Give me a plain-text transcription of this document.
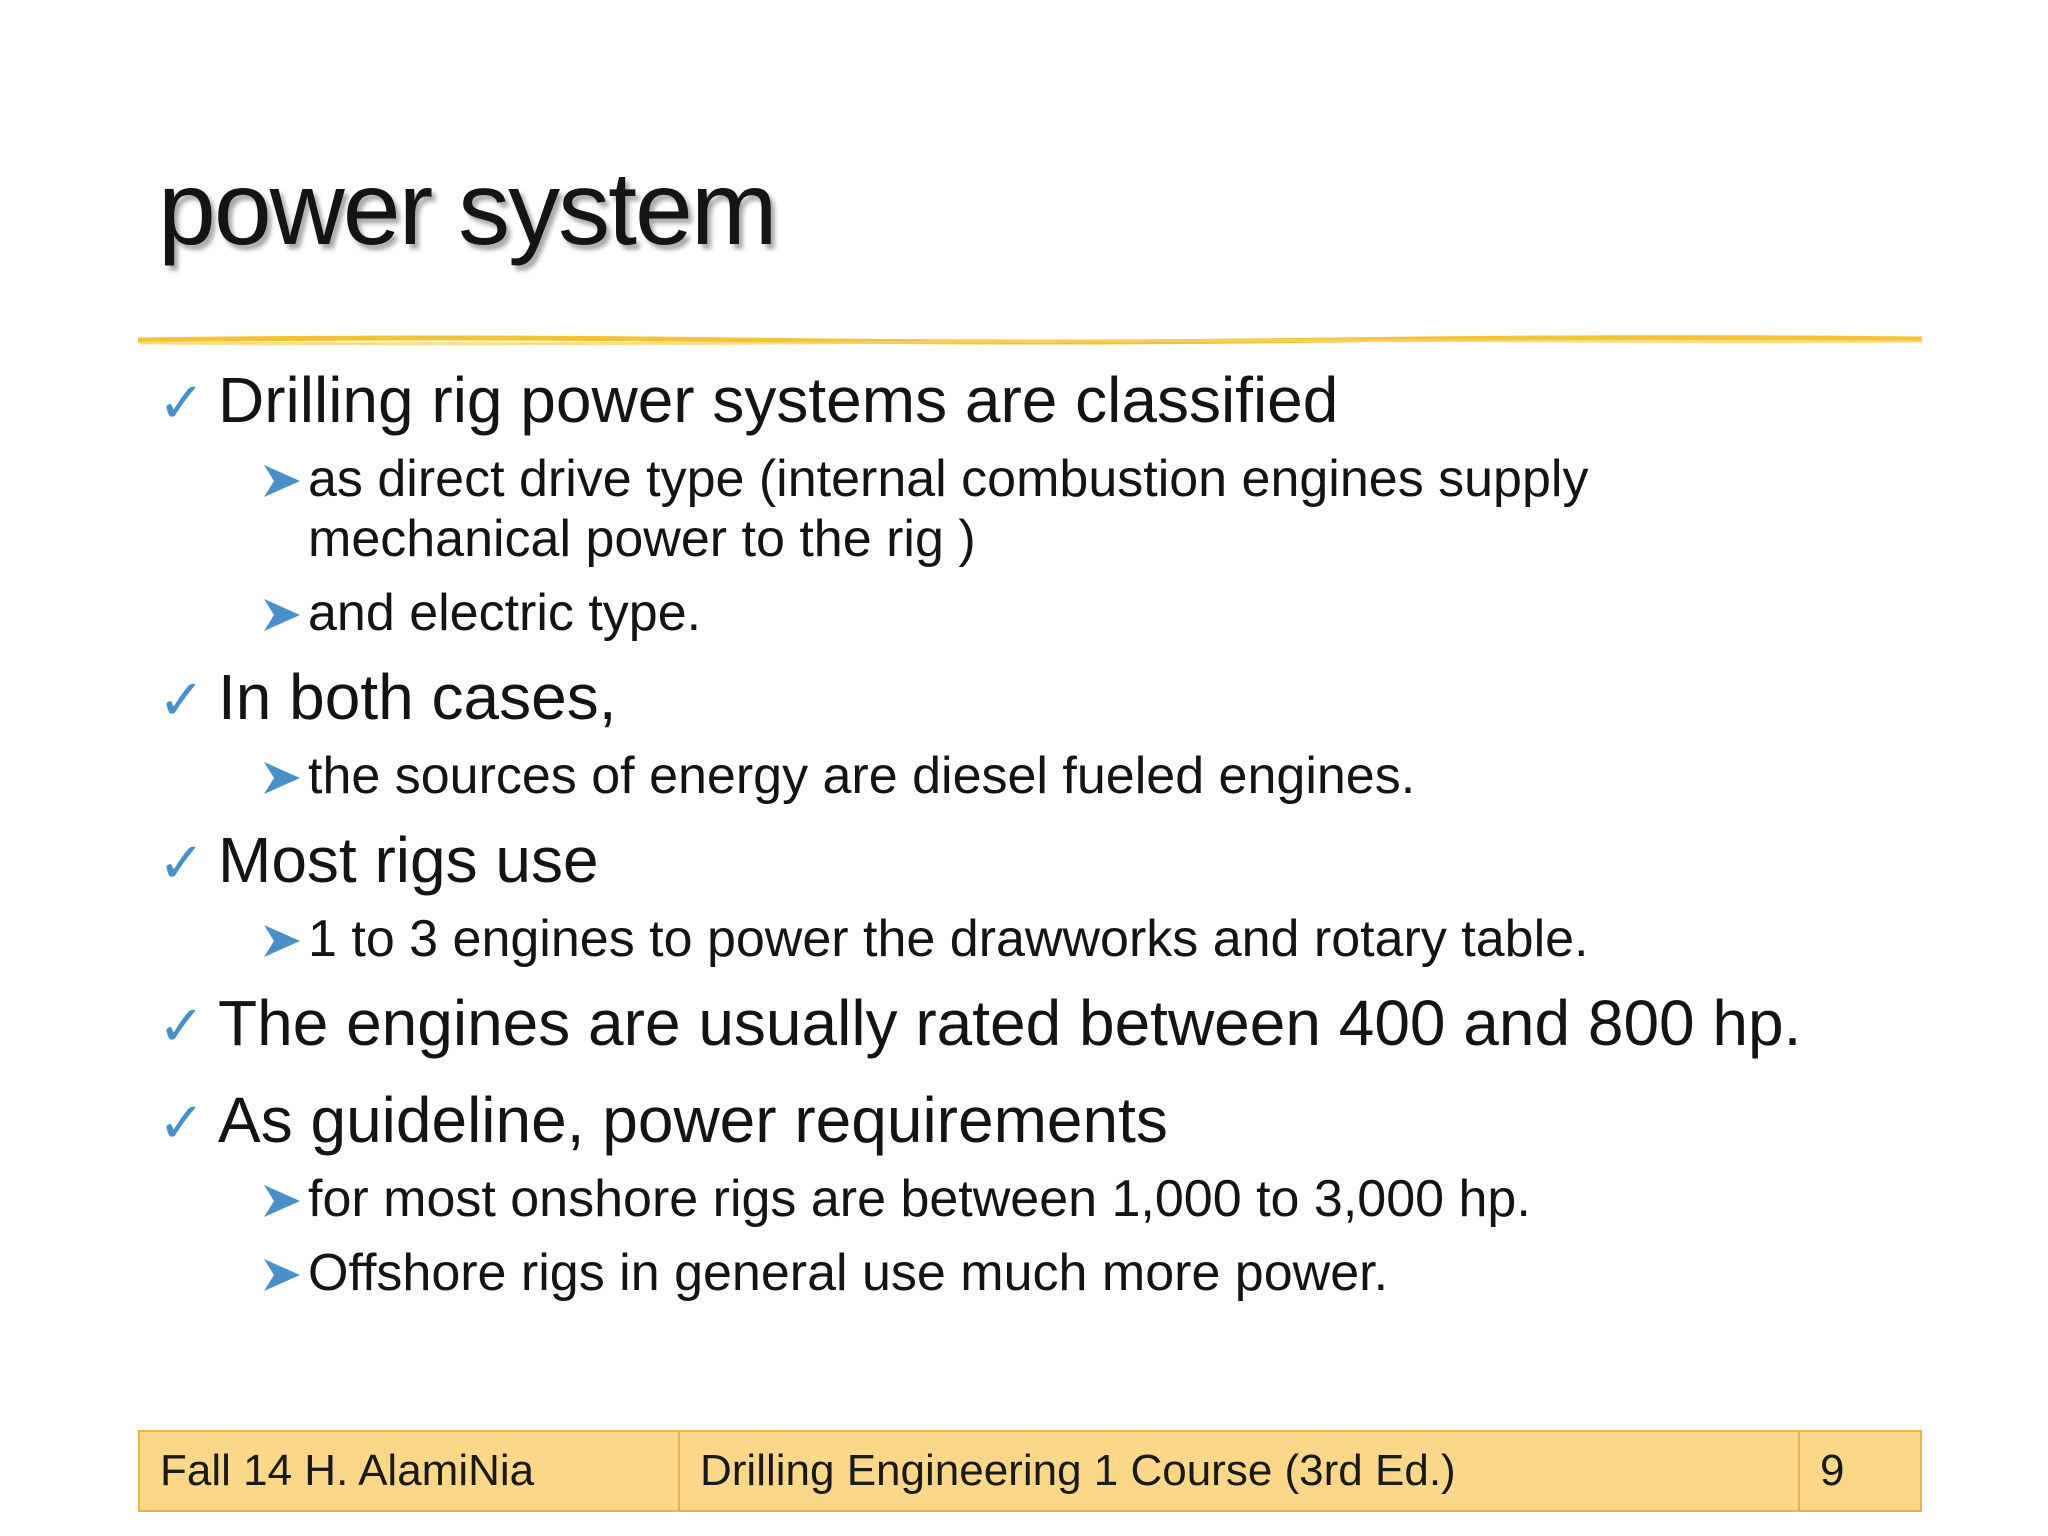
power system
✓ Drilling rig power systems are classified
as direct drive type (internal combustion engines supply mechanical power to the rig )
and electric type.
✓ In both cases,
the sources of energy are diesel fueled engines.
✓ Most rigs use
1 to 3 engines to power the drawworks and rotary table.
✓ The engines are usually rated between 400 and 800 hp.
✓ As guideline, power requirements
for most onshore rigs are between 1,000 to 3,000 hp.
Offshore rigs in general use much more power.
Fall 14 H. AlamiNia	Drilling Engineering 1 Course (3rd Ed.)	9
